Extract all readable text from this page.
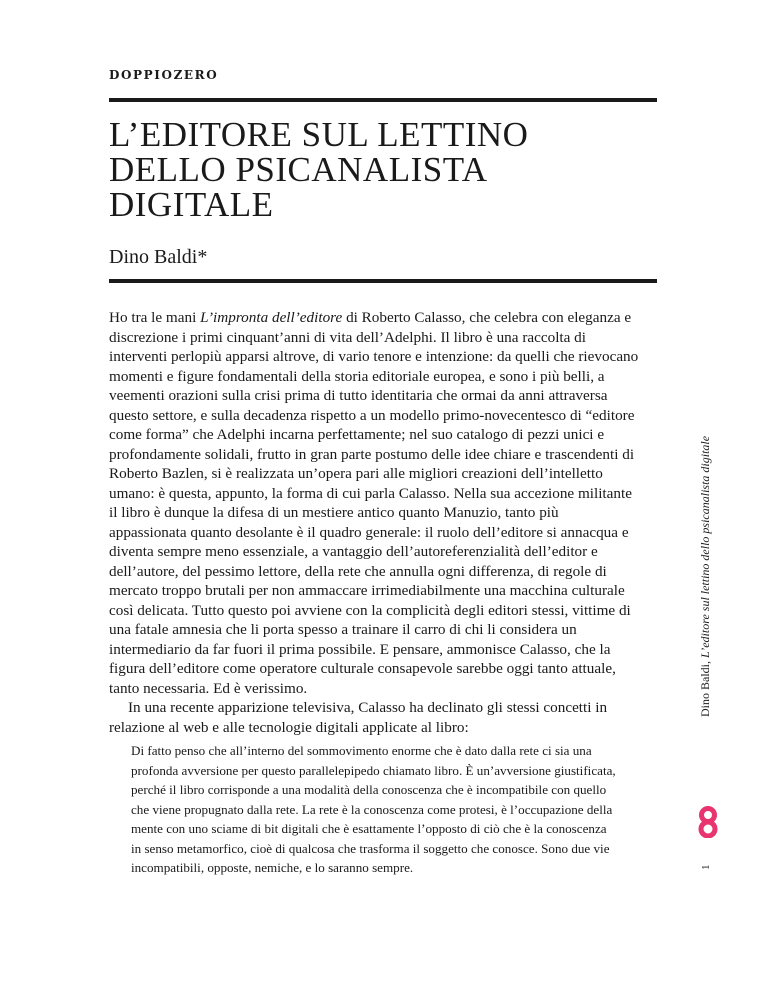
doppiozero
L’EDITORE SUL LETTINO
DELLO PSICANALISTA
DIGITALE
Dino Baldi*
Ho tra le mani L’impronta dell’editore di Roberto Calasso, che celebra con eleganza e
discrezione i primi cinquant’anni di vita dell’Adelphi. Il libro è una raccolta di
interventi perlopiù apparsi altrove, di vario tenore e intenzione: da quelli che rievocano
momenti e figure fondamentali della storia editoriale europea, e sono i più belli, a
veementi orazioni sulla crisi prima di tutto identitaria che ormai da anni attraversa
questo settore, e sulla decadenza rispetto a un modello primo-novecentesco di “editore
come forma” che Adelphi incarna perfettamente; nel suo catalogo di pezzi unici e
profondamente solidali, frutto in gran parte postumo delle idee chiare e trascendenti di
Roberto Bazlen, si è realizzata un’opera pari alle migliori creazioni dell’intelletto
umano: è questa, appunto, la forma di cui parla Calasso. Nella sua accezione militante
il libro è dunque la difesa di un mestiere antico quanto Manuzio, tanto più
appassionata quanto desolante è il quadro generale: il ruolo dell’editore si annacqua e
diventa sempre meno essenziale, a vantaggio dell’autoreferenzialità dell’editor e
dell’autore, del pessimo lettore, della rete che annulla ogni differenza, di regole di
mercato troppo brutali per non ammaccare irrimediabilmente una macchina culturale
così delicata. Tutto questo poi avviene con la complicità degli editori stessi, vittime di
una fatale amnesia che li porta spesso a trainare il carro di chi li considera un
intermediario da far fuori il prima possibile. E pensare, ammonisce Calasso, che la
figura dell’editore come operatore culturale consapevole sarebbe oggi tanto attuale,
tanto necessaria. Ed è verissimo.
In una recente apparizione televisiva, Calasso ha declinato gli stessi concetti in
relazione al web e alle tecnologie digitali applicate al libro:
Di fatto penso che all’interno del sommovimento enorme che è dato dalla rete ci sia una
profonda avversione per questo parallelepipedo chiamato libro. È un’avversione giustificata,
perché il libro corrisponde a una modalità della conoscenza che è incompatibile con quello
che viene propugnato dalla rete. La rete è la conoscenza come protesi, è l’occupazione della
mente con uno sciame di bit digitali che è esattamente l’opposto di ciò che è la conoscenza
in senso metamorfico, cioè di qualcosa che trasforma il soggetto che conosce. Sono due vie
incompatibili, opposte, nemiche, e lo saranno sempre.
Dino Baldi, L’editore sul lettino dello psicanalista digitale
1
